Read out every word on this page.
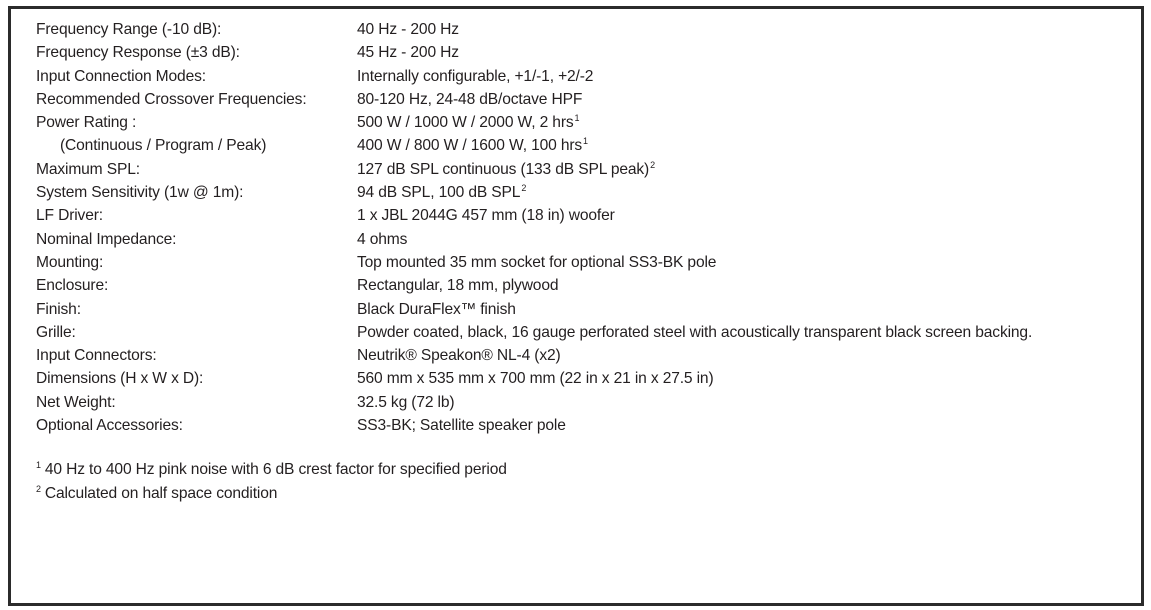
Frequency Range (-10 dB):	40 Hz - 200 Hz
Frequency Response (±3 dB):	45 Hz - 200 Hz
Input Connection Modes:	Internally configurable, +1/-1, +2/-2
Recommended Crossover Frequencies:	80-120 Hz, 24-48 dB/octave HPF
Power Rating :	500 W / 1000 W / 2000 W, 2 hrs$^1$
(Continuous / Program / Peak)	400 W / 800 W / 1600 W, 100 hrs$^1$
Maximum SPL:	127 dB SPL continuous (133 dB SPL peak)$^2$
System Sensitivity (1w @ 1m):	94 dB SPL, 100 dB SPL$^2$
LF Driver:	1 x JBL 2044G 457 mm (18 in) woofer
Nominal Impedance:	4 ohms
Mounting:	Top mounted 35 mm socket for optional SS3-BK pole
Enclosure:	Rectangular, 18 mm, plywood
Finish:	Black DuraFlex™ finish
Grille:	Powder coated, black, 16 gauge perforated steel with acoustically transparent black screen backing.
Input Connectors:	Neutrik® Speakon® NL-4 (x2)
Dimensions (H x W x D):	560 mm x 535 mm x 700 mm (22 in x 21 in x 27.5 in)
Net Weight:	32.5 kg (72 lb)
Optional Accessories:	SS3-BK; Satellite speaker pole
$^1$ 40 Hz to 400 Hz pink noise with 6 dB crest factor for specified period
$^2$ Calculated on half space condition
